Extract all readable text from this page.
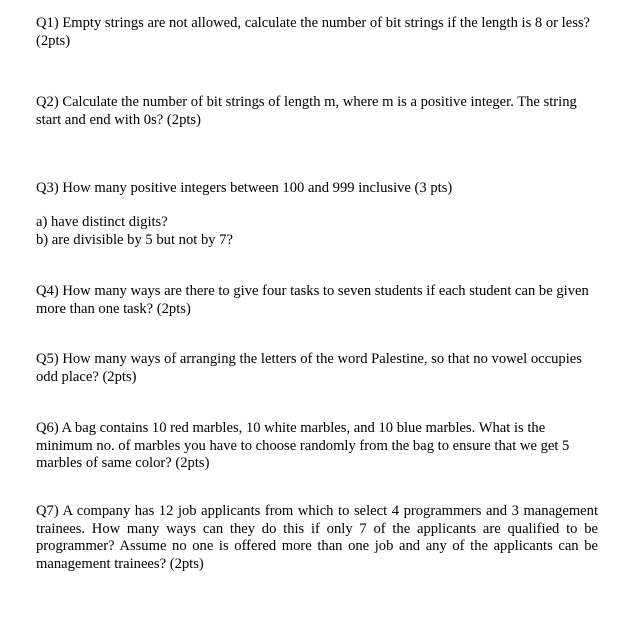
Q1) Empty strings are not allowed, calculate the number of bit strings if the length is 8 or less? (2pts)

Q2) Calculate the number of bit strings of length m, where m is a positive integer. The string start and end with 0s? (2pts)

Q3) How many positive integers between 100 and 999 inclusive (3 pts)

a) have distinct digits?

b) are divisible by 5 but not by 7?

Q4) How many ways are there to give four tasks to seven students if each student can be given more than one task? (2pts)

Q5) How many ways of arranging the letters of the word Palestine, so that no vowel occupies odd place? (2pts)

Q6) A bag contains 10 red marbles, 10 white marbles, and 10 blue marbles. What is the minimum no. of marbles you have to choose randomly from the bag to ensure that we get 5 marbles of same color? (2pts)

Q7) A company has 12 job applicants from which to select 4 programmers and 3 management trainees. How many ways can they do this if only 7 of the applicants are qualified to be programmer? Assume no one is offered more than one job and any of the applicants can be management trainees? (2pts)
